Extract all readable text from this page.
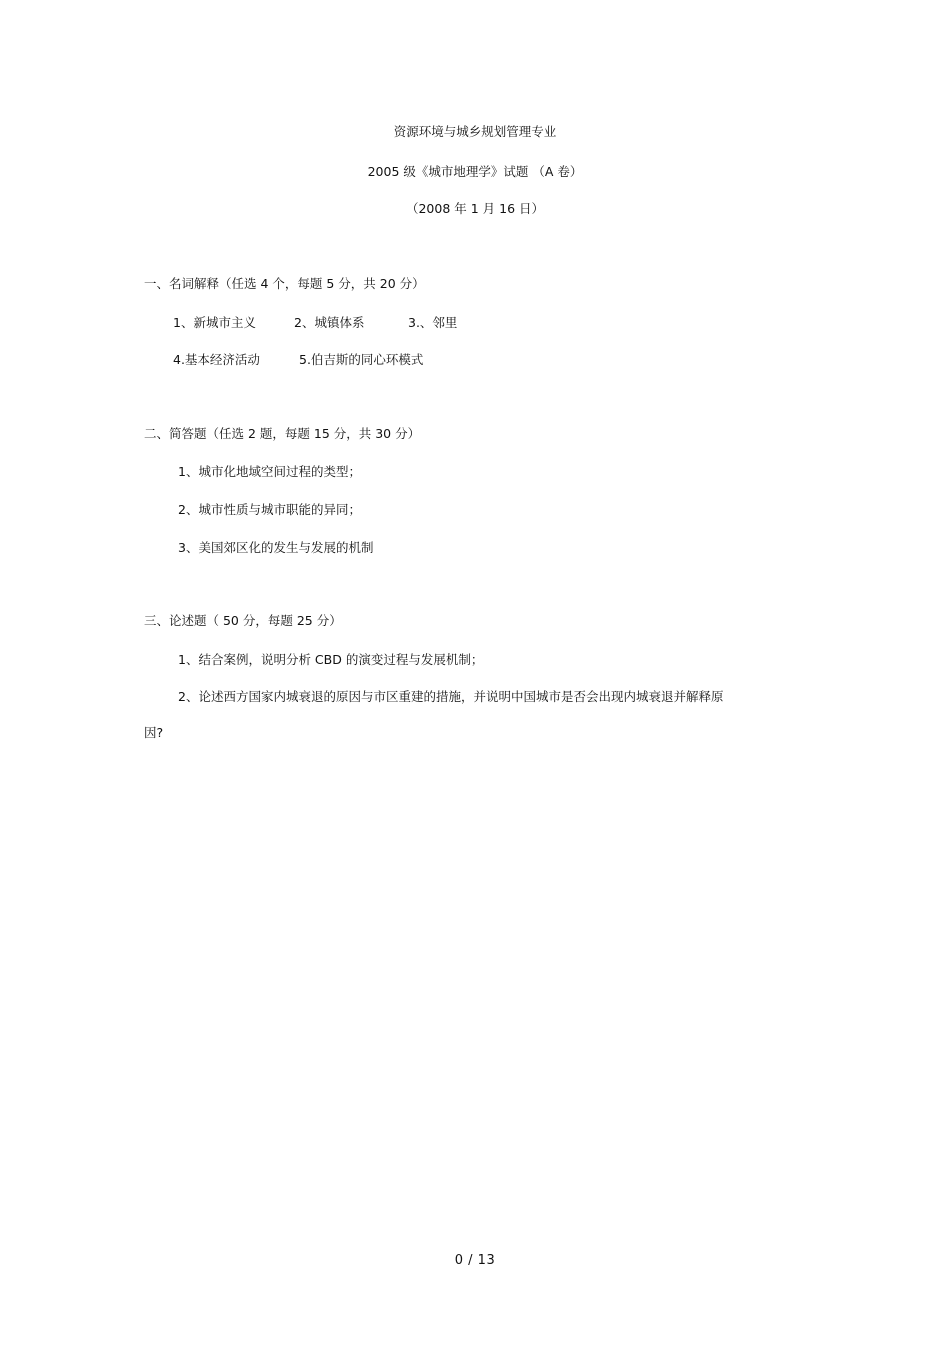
资源环境与城乡规划管理专业
2005 级《城市地理学》试题 （A 卷）
（2008 年 1 月 16 日）
一、名词解释（任选 4 个，每题 5 分，共 20 分）
1、新城市主义	2、城镇体系	3.、邻里
4.基本经济活动	5.伯吉斯的同心环模式
二、简答题（任选 2 题，每题 15 分，共 30 分）
1、城市化地域空间过程的类型；
2、城市性质与城市职能的异同；
3、美国郊区化的发生与发展的机制
三、论述题（ 50 分，每题 25 分）
1、结合案例，说明分析 CBD 的演变过程与发展机制；
2、论述西方国家内城衰退的原因与市区重建的措施，并说明中国城市是否会出现内城衰退并解释原
因?
0 / 13
